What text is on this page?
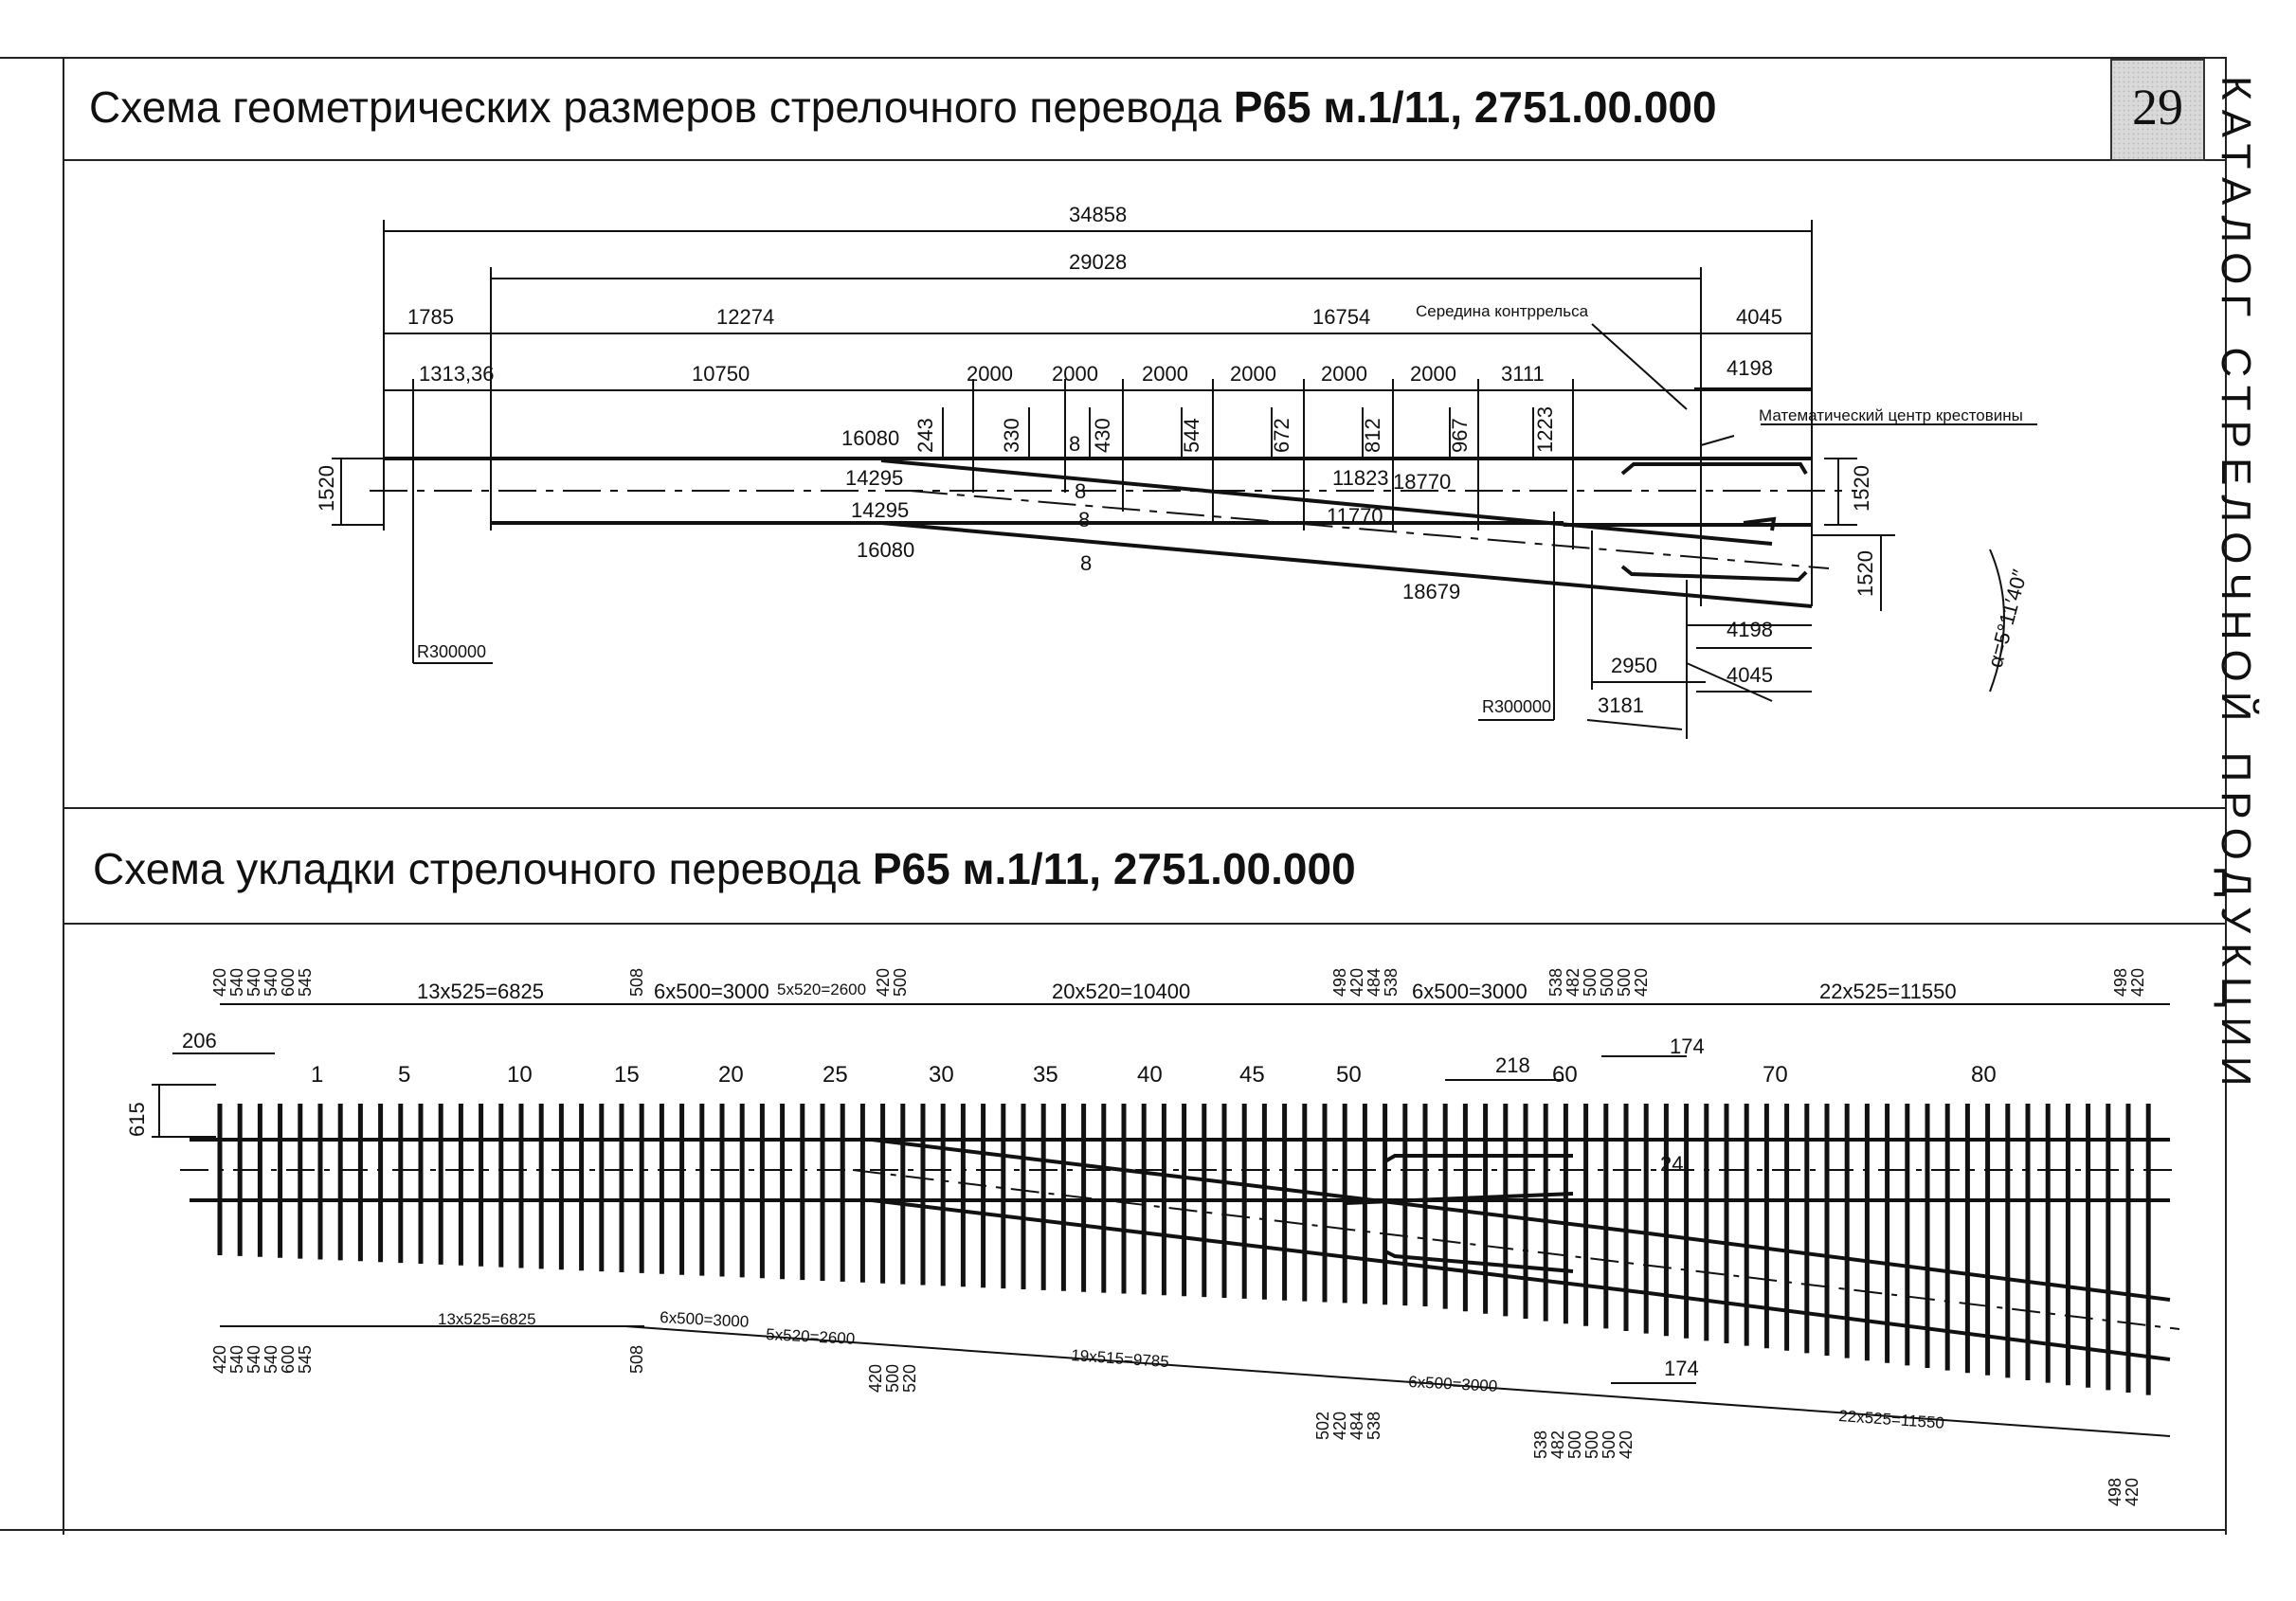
Схема геометрических размеров стрелочного перевода Р65 м.1/11, 2751.00.000
Схема укладки стрелочного перевода Р65 м.1/11, 2751.00.000
29 КАТАЛОГ СТРЕЛОЧНОЙ ПРОДУКЦИИ
34858
29028
1785	12274	16754	4045
1313,36	10750	2000 2000 2000 2000 2000 2000 3111	4198
16080
14295
14295
16080
11823
11770
18770
18679
8
8
8
8
4198
4045
2950
3181
R300000
R300000
Середина контррельса
Математический центр крестовины
243	330	430	544	672	812	967	1223
1520	1520
1520	α=5°11′40″
13x525=6825	6x500=3000 5x520=2600	20x520=10400	6x500=3000	22x525=11550
13x525=6825	6x500=3000
5x520=2600
19x515=9785
6x500=3000
22x525=11550
420
540
540
540
600
545	508	420
500	498
420
484
538	538
482
500
500
500
420	498
420
420
540
540
540
600
545	508
420
500
520
502
420
484
538
538
482
500
500
500
420
498
420
1	5	10	15	20	25	30	35	40	45	50	60	70	80
206
615
218
174
174
24
